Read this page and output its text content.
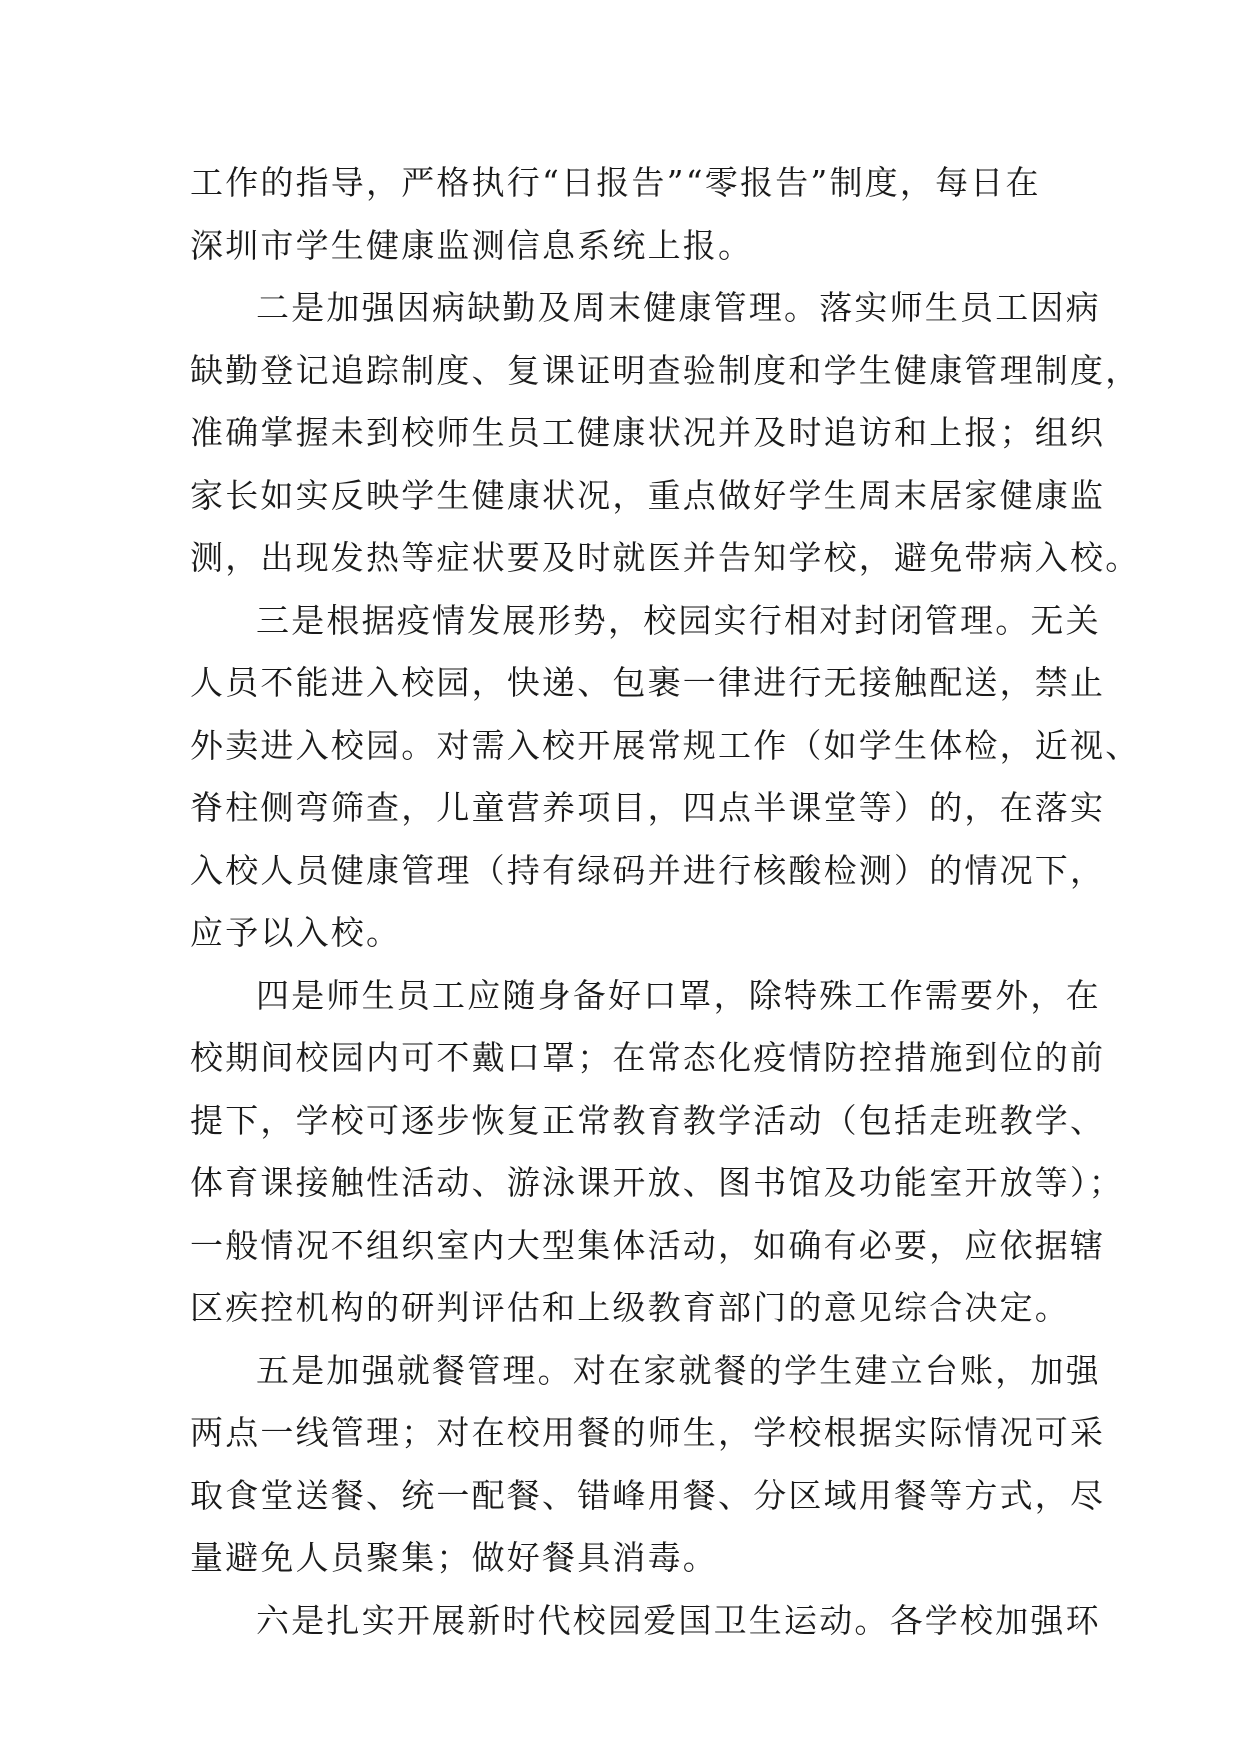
工作的指导，严格执行“日报告”“零报告”制度，每日在
深圳市学生健康监测信息系统上报。
二是加强因病缺勤及周末健康管理。落实师生员工因病
缺勤登记追踪制度、复课证明查验制度和学生健康管理制度，
准确掌握未到校师生员工健康状况并及时追访和上报；组织
家长如实反映学生健康状况，重点做好学生周末居家健康监
测，出现发热等症状要及时就医并告知学校，避免带病入校。
三是根据疫情发展形势，校园实行相对封闭管理。无关
人员不能进入校园，快递、包裹一律进行无接触配送，禁止
外卖进入校园。对需入校开展常规工作（如学生体检，近视、
脊柱侧弯筛查，儿童营养项目，四点半课堂等）的，在落实
入校人员健康管理（持有绿码并进行核酸检测）的情况下，
应予以入校。
四是师生员工应随身备好口罩，除特殊工作需要外，在
校期间校园内可不戴口罩；在常态化疫情防控措施到位的前
提下，学校可逐步恢复正常教育教学活动（包括走班教学、
体育课接触性活动、游泳课开放、图书馆及功能室开放等）；
一般情况不组织室内大型集体活动，如确有必要，应依据辖
区疾控机构的研判评估和上级教育部门的意见综合决定。
五是加强就餐管理。对在家就餐的学生建立台账，加强
两点一线管理；对在校用餐的师生，学校根据实际情况可采
取食堂送餐、统一配餐、错峰用餐、分区域用餐等方式，尽
量避免人员聚集；做好餐具消毒。
六是扎实开展新时代校园爱国卫生运动。各学校加强环
